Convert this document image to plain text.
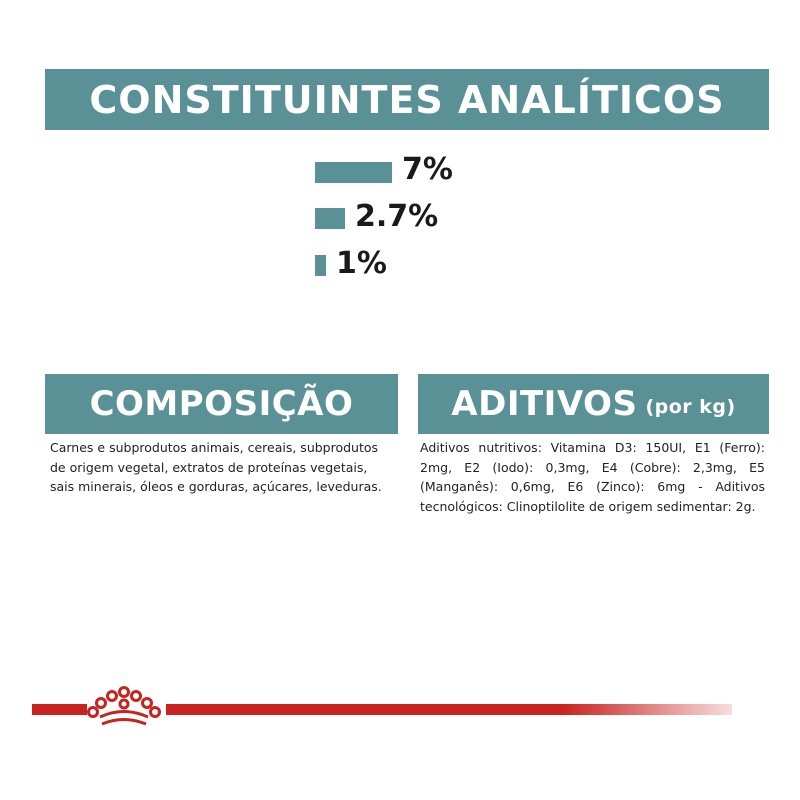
CONSTITUINTES ANALÍTICOS
7%
2.7%
1%
COMPOSIÇÃO
Carnes e subprodutos animais, cereais, subprodutos de origem vegetal, extratos de proteínas vegetais, sais minerais, óleos e gorduras, açúcares, leveduras.
ADITIVOS (por kg)
Aditivos nutritivos: Vitamina D3: 150UI, E1 (Ferro): 2mg, E2 (Iodo): 0,3mg, E4 (Cobre): 2,3mg, E5 (Manganês): 0,6mg, E6 (Zinco): 6mg - Aditivos tecnológicos: Clinoptilolite de origem sedimentar: 2g.
